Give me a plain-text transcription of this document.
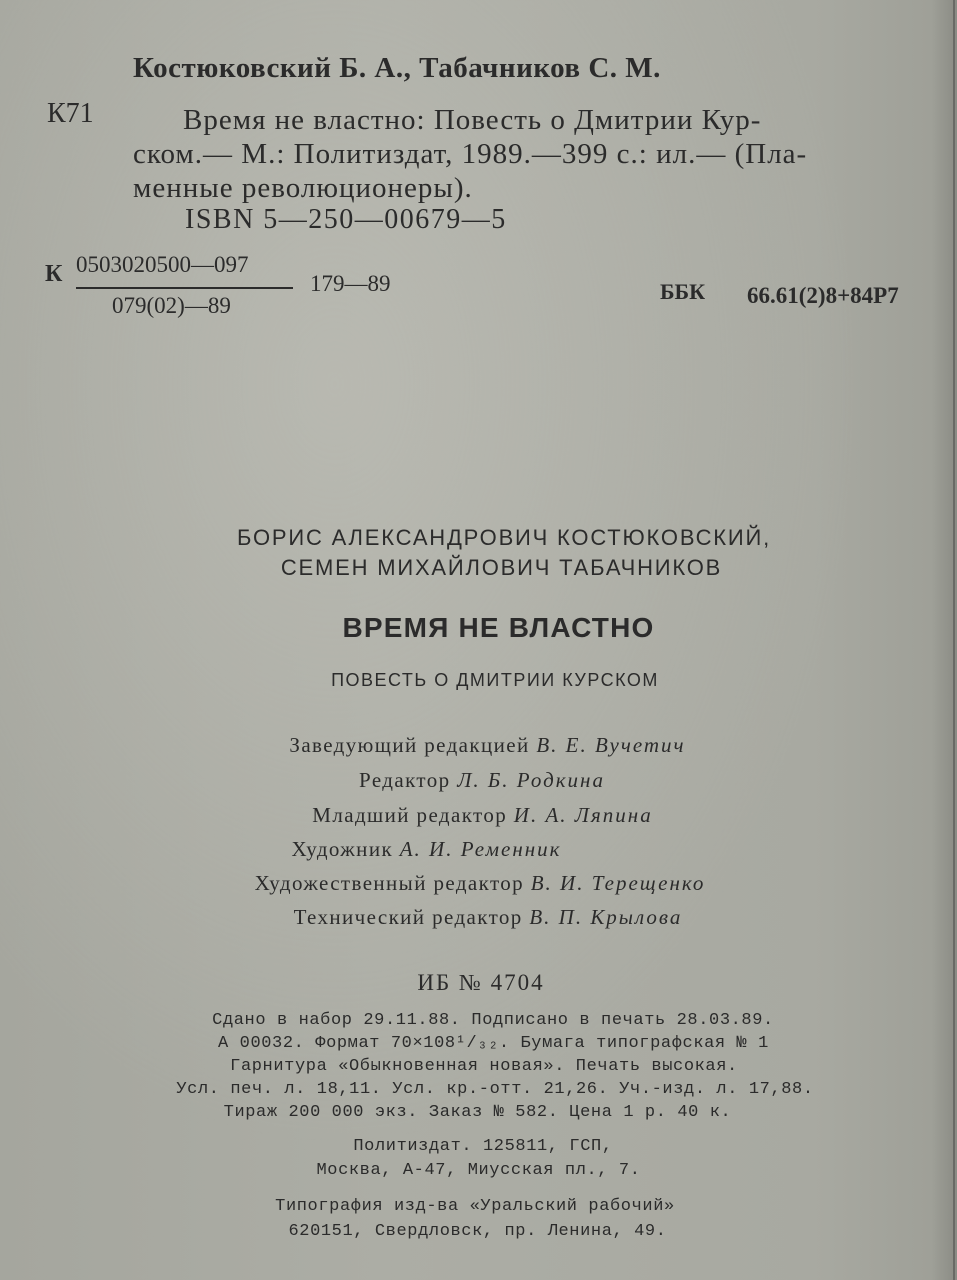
Костюковский Б. А., Табачников С. М.
К71	Время не властно: Повесть о Дмитрии Кур-
ском.— М.: Политиздат, 1989.—399 с.: ил.— (Пла-
менные революционеры).
ISBN 5—250—00679—5
К 0503020500—097
079(02)—89
179—89	ББК 66.61(2)8+84Р7
БОРИС АЛЕКСАНДРОВИЧ КОСТЮКОВСКИЙ,
СЕМЕН МИХАЙЛОВИЧ ТАБАЧНИКОВ
ВРЕМЯ НЕ ВЛАСТНО
ПОВЕСТЬ О ДМИТРИИ КУРСКОМ
Заведующий редакцией В. Е. Вучетич
Редактор Л. Б. Родкина
Младший редактор И. А. Ляпина
Художник А. И. Ременник
Художественный редактор В. И. Терещенко
Технический редактор В. П. Крылова
ИБ № 4704
Сдано в набор 29.11.88. Подписано в печать 28.03.89.
А 00032. Формат 70×108¹/₃₂. Бумага типографская № 1
Гарнитура «Обыкновенная новая». Печать высокая.
Усл. печ. л. 18,11. Усл. кр.-отт. 21,26. Уч.-изд. л. 17,88.
Тираж 200 000 экз. Заказ № 582. Цена 1 р. 40 к.
Политиздат. 125811, ГСП,
Москва, А-47, Миусская пл., 7.
Типография изд-ва «Уральский рабочий»
620151, Свердловск, пр. Ленина, 49.
